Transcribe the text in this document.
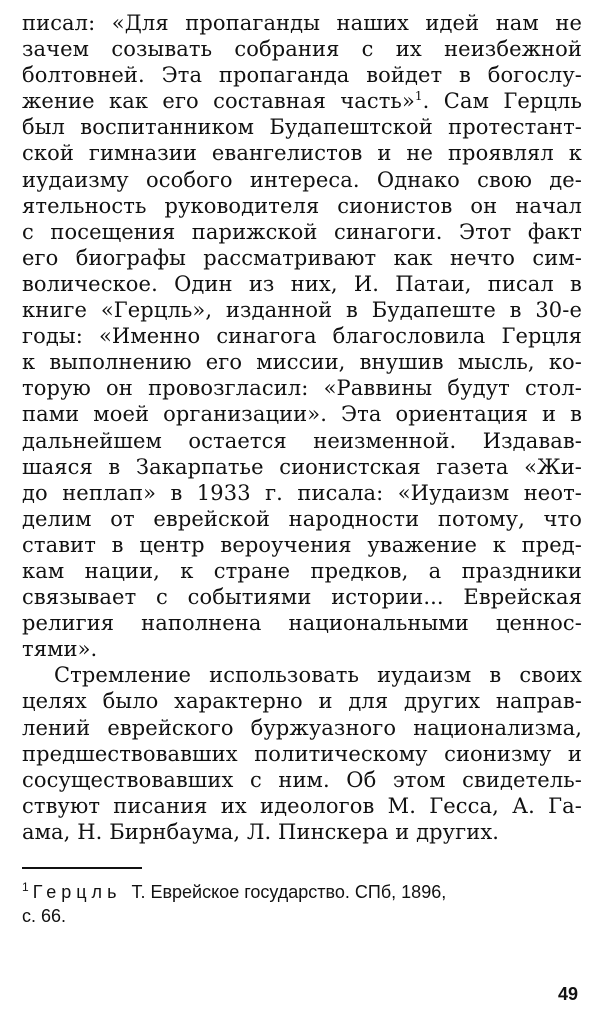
писал: «Для пропаганды наших идей нам не
зачем созывать собрания с их неизбежной
болтовней. Эта пропаганда войдет в богослу-
жение как его составная часть»$^1$. Сам Герцль
был воспитанником Будапештской протестант-
ской гимназии евангелистов и не проявлял к
иудаизму особого интереса. Однако свою де-
ятельность руководителя сионистов он начал
с посещения парижской синагоги. Этот факт
его биографы рассматривают как нечто сим-
волическое. Один из них, И. Патаи, писал в
книге «Герцль», изданной в Будапеште в 30-е
годы: «Именно синагога благословила Герцля
к выполнению его миссии, внушив мысль, ко-
торую он провозгласил: «Раввины будут стол-
пами моей организации». Эта ориентация и в
дальнейшем остается неизменной. Издавав-
шаяся в Закарпатье сионистская газета «Жи-
до неплап» в 1933 г. писала: «Иудаизм неот-
делим от еврейской народности потому, что
ставит в центр вероучения уважение к пред-
кам нации, к стране предков, а праздники
связывает с событиями истории... Еврейская
религия наполнена национальными ценнос-
тями».
Стремление использовать иудаизм в своих
целях было характерно и для других направ-
лений еврейского буржуазного национализма,
предшествовавших политическому сионизму и
сосуществовавших с ним. Об этом свидетель-
ствуют писания их идеологов М. Гесса, А. Га-
ама, Н. Бирнбаума, Л. Пинскера и других.
$^1$ Герцль Т. Еврейское государство. СПб, 1896,
с. 66.
49
